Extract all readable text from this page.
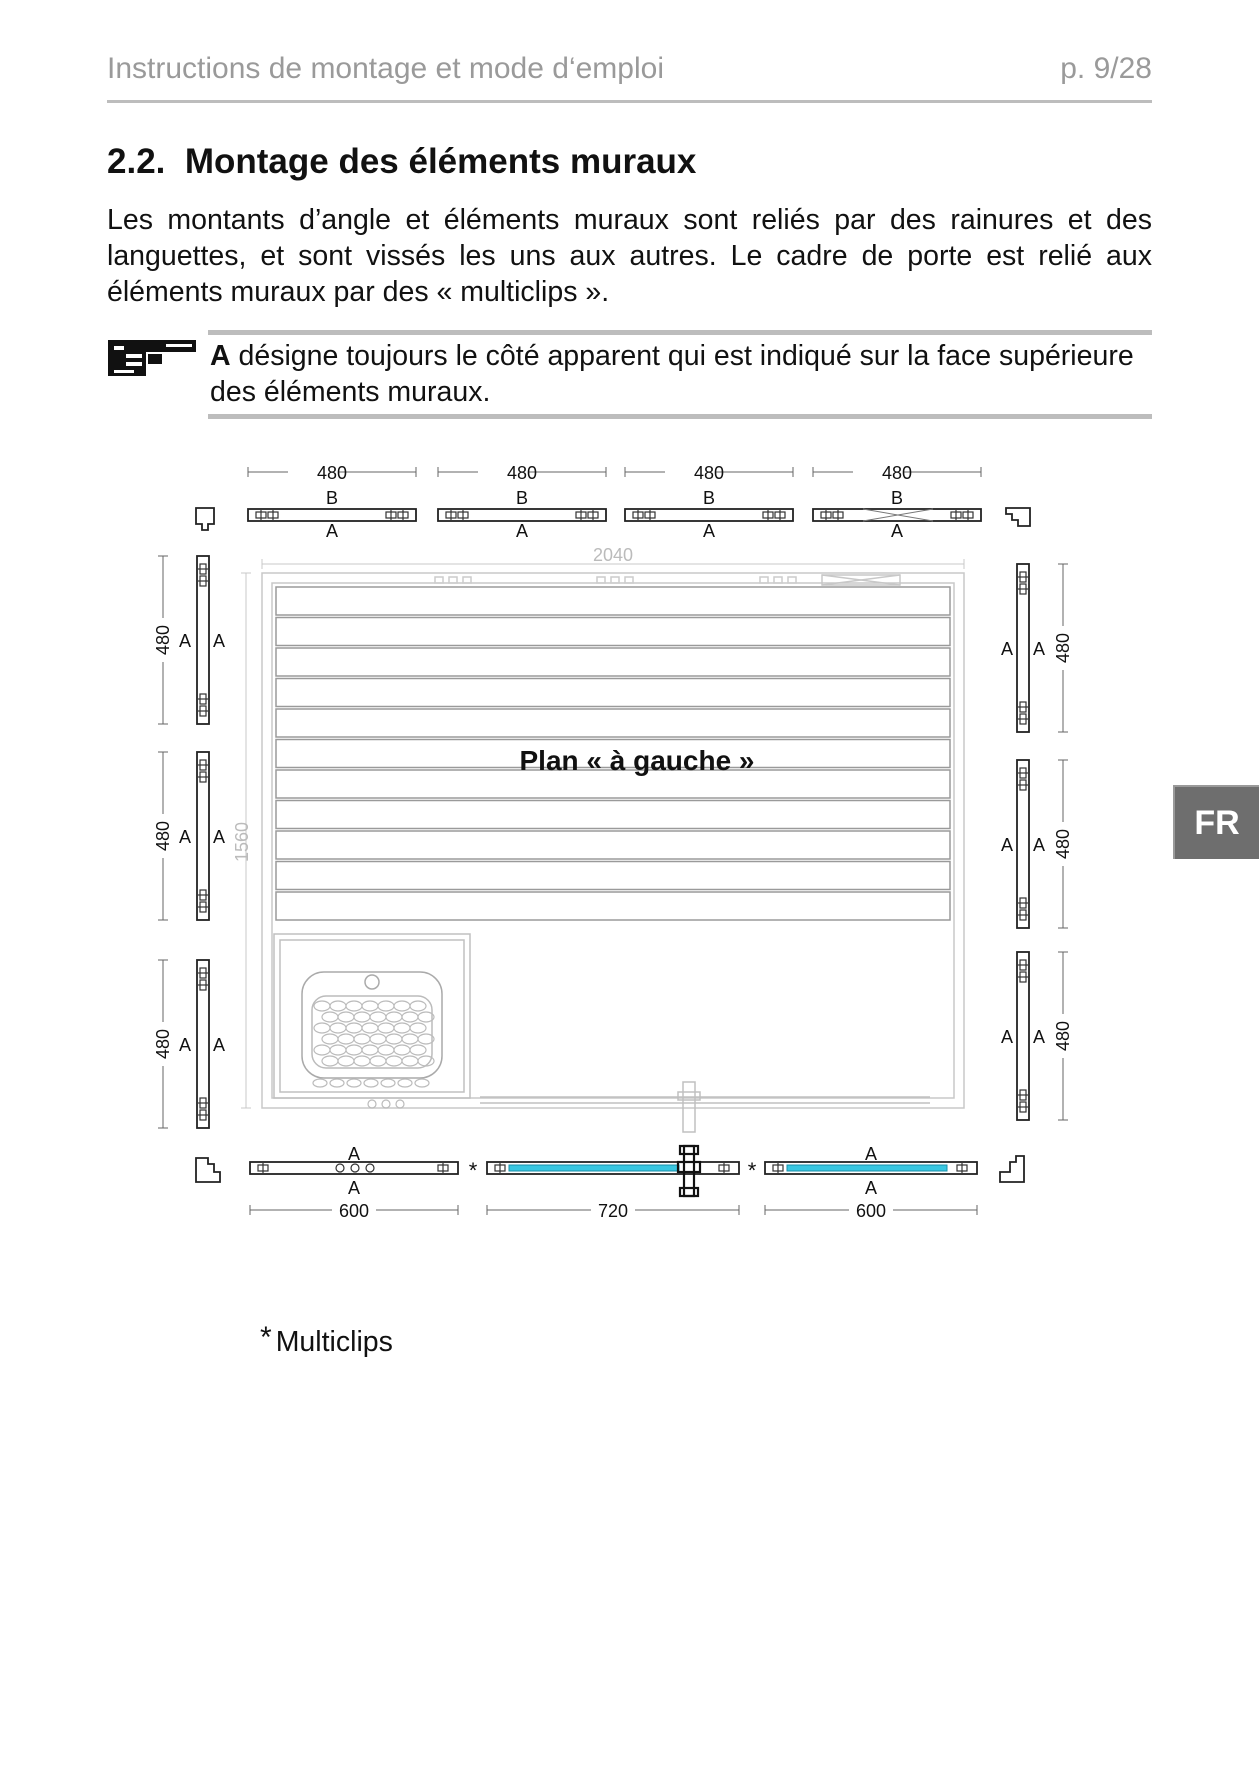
Instructions de montage et mode d‘emploi	p. 9/28
2.2. Montage des éléments muraux
Les montants d’angle et éléments muraux sont reliés par des rainures et des languettes, et sont vissés les uns aux autres. Le cadre de porte est relié aux éléments muraux par des « multiclips ».
A désigne toujours le côté apparent qui est indiqué sur la face supérieure des éléments muraux.
480
B
A
480
B
A
480
B
A
480
B
A
480 A A
480 A A
480 A A
480
A A
480
A A
480
A A
600
A
A
720	600
A
A
*	*
Plan « à gauche »
2040
1560	FR
* Multiclips
